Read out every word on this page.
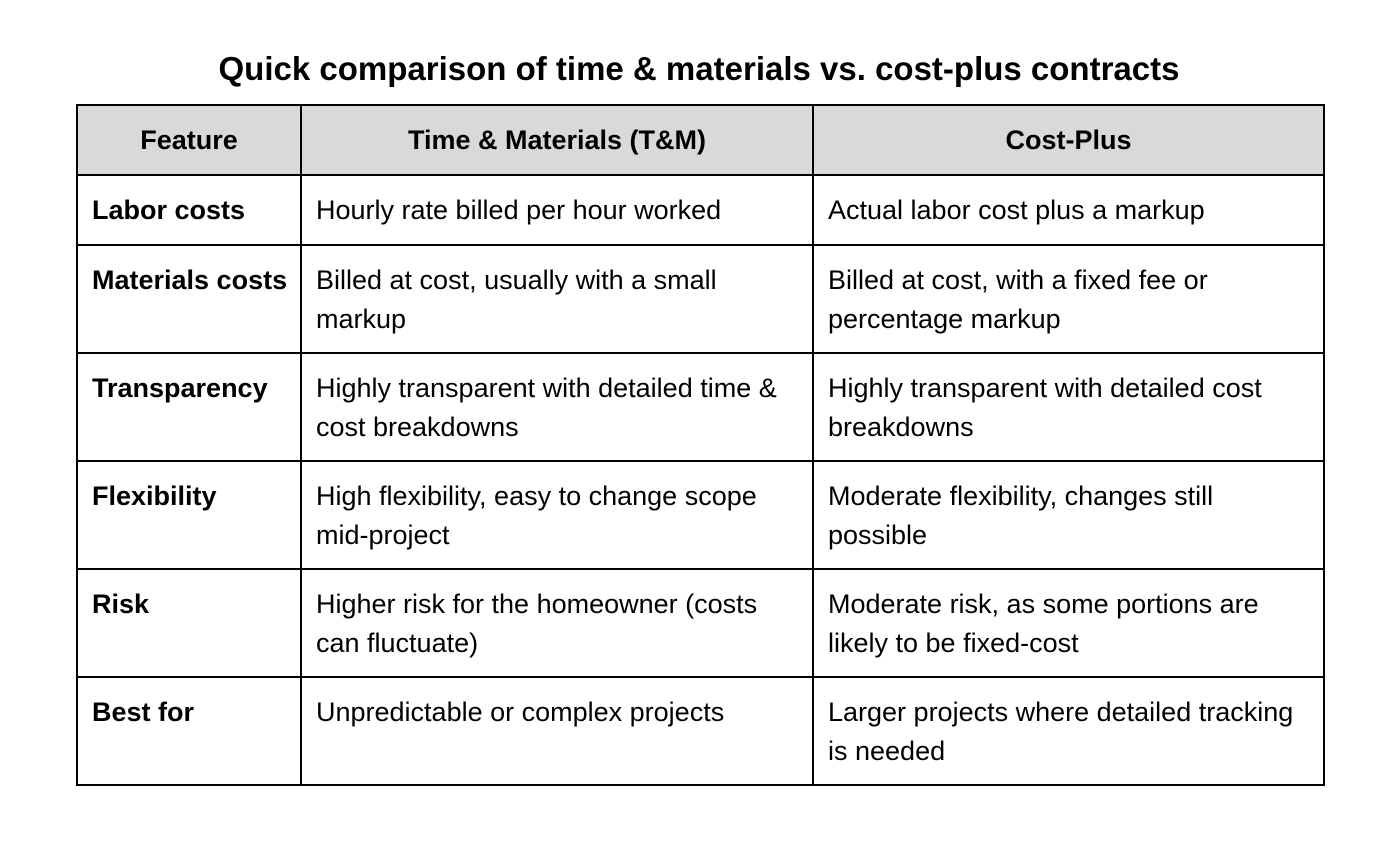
Quick comparison of time & materials vs. cost-plus contracts
Feature	Time & Materials (T&M)	Cost-Plus
Labor costs	Hourly rate billed per hour worked	Actual labor cost plus a markup
Materials costs	Billed at cost, usually with a small markup	Billed at cost, with a fixed fee or percentage markup
Transparency	Highly transparent with detailed time & cost breakdowns	Highly transparent with detailed cost breakdowns
Flexibility	High flexibility, easy to change scope mid-project	Moderate flexibility, changes still possible
Risk	Higher risk for the homeowner (costs can fluctuate)	Moderate risk, as some portions are likely to be fixed-cost
Best for	Unpredictable or complex projects	Larger projects where detailed tracking is needed
